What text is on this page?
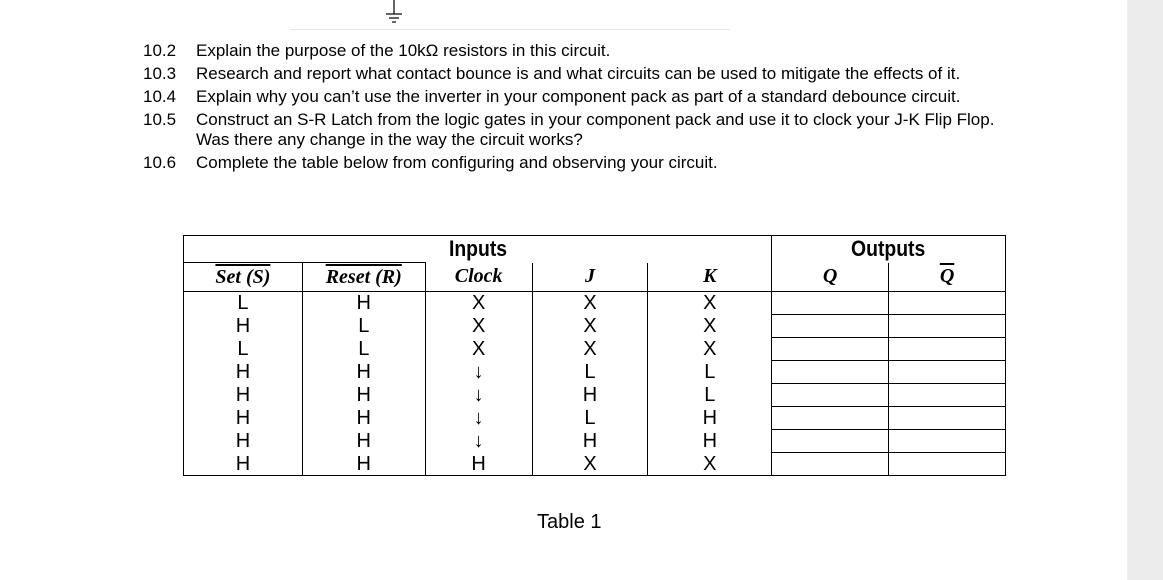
10.2	Explain the purpose of the 10kΩ resistors in this circuit.
10.3	Research and report what contact bounce is and what circuits can be used to mitigate the effects of it.
10.4	Explain why you can’t use the inverter in your component pack as part of a standard debounce circuit.
10.5	Construct an S-R Latch from the logic gates in your component pack and use it to clock your J-K Flip Flop. Was there any change in the way the circuit works?
10.6	Complete the table below from configuring and observing your circuit.
Inputs					Outputs	
Set (S)	Reset (R)	Clock	J	K	Q	$\overline{Q}$
L	H	X	X	X		
H	L	X	X	X		
L	L	X	X	X		
H	H	↓	L	L		
H	H	↓	H	L		
H	H	↓	L	H		
H	H	↓	H	H		
H	H	H	X	X		
Table 1
